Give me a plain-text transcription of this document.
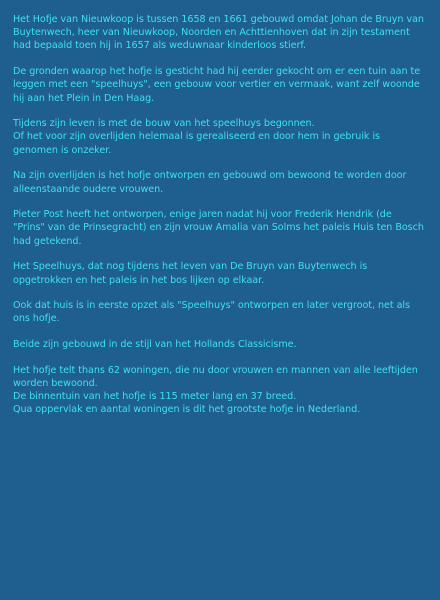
Het Hofje van Nieuwkoop is tussen 1658 en 1661 gebouwd omdat Johan de Bruyn van Buytenwech, heer van Nieuwkoop, Noorden en Achttienhoven dat in zijn testament had bepaald toen hij in 1657 als weduwnaar kinderloos stierf.

De gronden waarop het hofje is gesticht had hij eerder gekocht om er een tuin aan te leggen met een "speelhuys", een gebouw voor vertier en vermaak, want zelf woonde hij aan het Plein in Den Haag.

Tijdens zijn leven is met de bouw van het speelhuys begonnen.
Of het voor zijn overlijden helemaal is gerealiseerd en door hem in gebruik is genomen is onzeker.

Na zijn overlijden is het hofje ontworpen en gebouwd om bewoond te worden door alleenstaande oudere vrouwen.

Pieter Post heeft het ontworpen, enige jaren nadat hij voor Frederik Hendrik (de "Prins" van de Prinsegracht) en zijn vrouw Amalia van Solms het paleis Huis ten Bosch had getekend.

Het Speelhuys, dat nog tijdens het leven van De Bruyn van Buytenwech is opgetrokken en het paleis in het bos lijken op elkaar.

Ook dat huis is in eerste opzet als "Speelhuys" ontworpen en later vergroot, net als ons hofje.

Beide zijn gebouwd in de stijl van het Hollands Classicisme.

Het hofje telt thans 62 woningen, die nu door vrouwen en mannen van alle leeftijden worden bewoond.
De binnentuin van het hofje is 115 meter lang en 37 breed.
Qua oppervlak en aantal woningen is dit het grootste hofje in Nederland.
